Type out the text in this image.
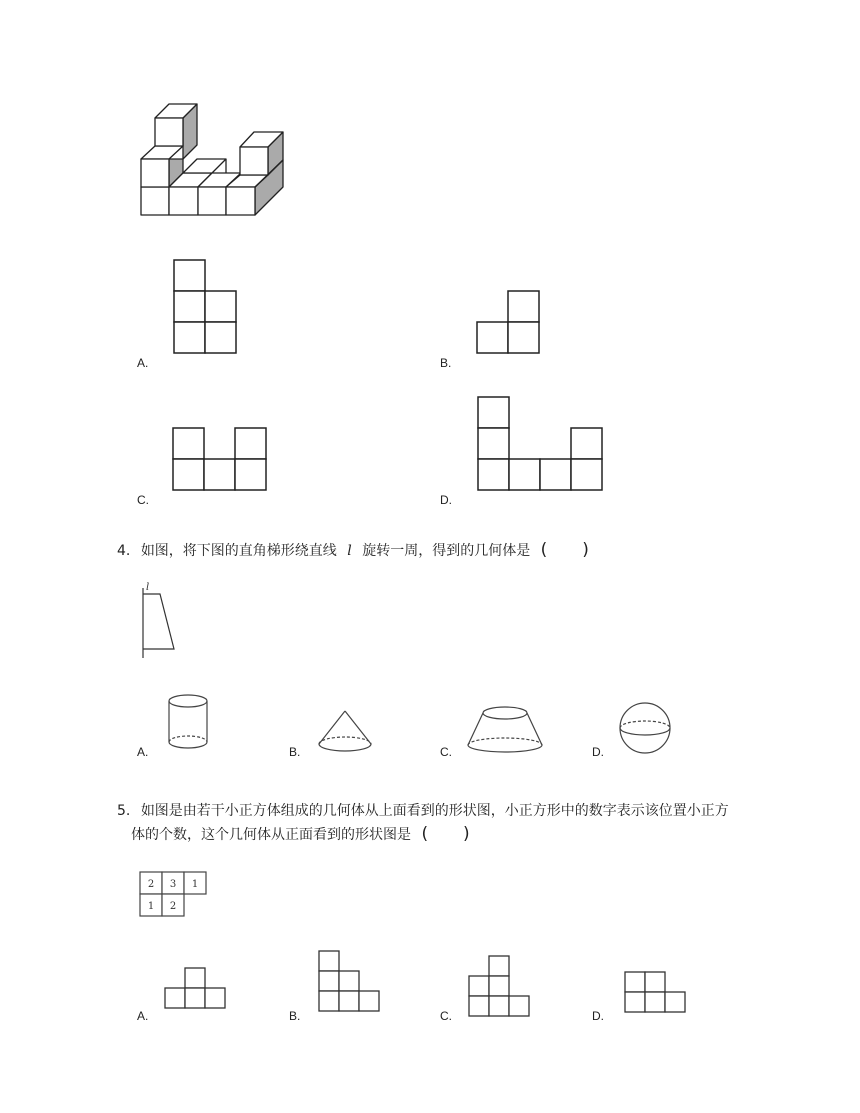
A.	B.
C.	D.
4. 如图，将下图的直角梯形绕直线 l 旋转一周，得到的几何体是 ( )
l
A.	B.	C.	D.
5. 如图是由若干小正方体组成的几何体从上面看到的形状图，小正方形中的数字表示该位置小正方
体的个数，这个几何体从正面看到的形状图是 ( )
2 3 1
1 2
A.	B.	C.	D.
